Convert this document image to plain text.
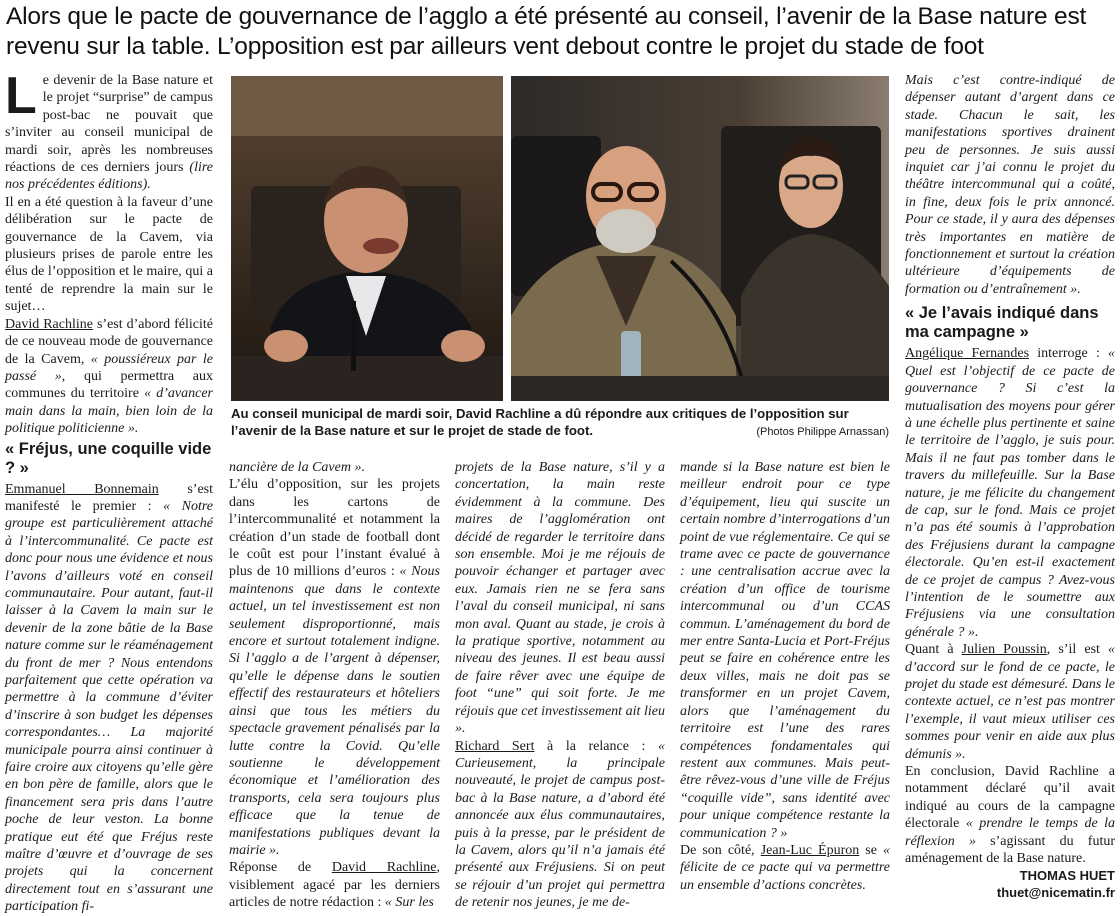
Alors que le pacte de gouvernance de l’agglo a été présenté au conseil, l’avenir de la Base nature est revenu sur la table. L’opposition est par ailleurs vent debout contre le projet du stade de foot

Le devenir de la Base nature et le projet “surprise” de campus post-bac ne pouvait que s’inviter au conseil municipal de mardi soir, après les nombreuses réactions de ces derniers jours (lire nos précédentes éditions).

Il en a été question à la faveur d’une délibération sur le pacte de gouvernance de la Cavem, via plusieurs prises de parole entre les élus de l’opposition et le maire, qui a tenté de reprendre la main sur le sujet…

David Rachline s’est d’abord félicité de ce nouveau mode de gouvernance de la Cavem, « poussiéreux par le passé », qui permettra aux communes du territoire « d’avancer main dans la main, bien loin de la politique politicienne ».

« Fréjus, une coquille vide ? »

Emmanuel Bonnemain s’est manifesté le premier : « Notre groupe est particulièrement attaché à l’intercommunalité. Ce pacte est donc pour nous une évidence et nous l’avons d’ailleurs voté en conseil communautaire. Pour autant, faut-il laisser à la Cavem la main sur le devenir de la zone bâtie de la Base nature comme sur le réaménagement du front de mer ? Nous entendons parfaitement que cette opération va permettre à la commune d’éviter d’inscrire à son budget les dépenses correspondantes… La majorité municipale pourra ainsi continuer à faire croire aux citoyens qu’elle gère en bon père de famille, alors que le financement sera pris dans l’autre poche de leur veston. La bonne pratique eut été que Fréjus reste maître d’œuvre et d’ouvrage de ses projets qui la concernent directement tout en s’assurant une participation fi-

Au conseil municipal de mardi soir, David Rachline a dû répondre aux critiques de l’opposition sur l’avenir de la Base nature et sur le projet de stade de foot.	(Photos Philippe Arnassan)

nancière de la Cavem ».

L’élu d’opposition, sur les projets dans les cartons de l’intercommunalité et notamment la création d’un stade de football dont le coût est pour l’instant évalué à plus de 10 millions d’euros : « Nous maintenons que dans le contexte actuel, un tel investissement est non seulement disproportionné, mais encore et surtout totalement indigne. Si l’agglo a de l’argent à dépenser, qu’elle le dépense dans le soutien effectif des restaurateurs et hôteliers ainsi que tous les métiers du spectacle gravement pénalisés par la lutte contre la Covid. Qu’elle soutienne le développement économique et l’amélioration des transports, cela sera toujours plus efficace que la tenue de manifestations publiques devant la mairie ».

Réponse de David Rachline, visiblement agacé par les derniers articles de notre rédaction : « Sur les

projets de la Base nature, s’il y a concertation, la main reste évidemment à la commune. Des maires de l’agglomération ont décidé de regarder le territoire dans son ensemble. Moi je me réjouis de pouvoir échanger et partager avec eux. Jamais rien ne se fera sans l’aval du conseil municipal, ni sans mon aval. Quant au stade, je crois à la pratique sportive, notamment au niveau des jeunes. Il est beau aussi de faire rêver avec une équipe de foot “une” qui soit forte. Je me réjouis que cet investissement ait lieu ».

Richard Sert à la relance : « Curieusement, la principale nouveauté, le projet de campus post-bac à la Base nature, a d’abord été annoncée aux élus communautaires, puis à la presse, par le président de la Cavem, alors qu’il n’a jamais été présenté aux Fréjusiens. Si on peut se réjouir d’un projet qui permettra de retenir nos jeunes, je me de-

mande si la Base nature est bien le meilleur endroit pour ce type d’équipement, lieu qui suscite un certain nombre d’interrogations d’un point de vue réglementaire. Ce qui se trame avec ce pacte de gouvernance : une centralisation accrue avec la création d’un office de tourisme intercommunal ou d’un CCAS commun. L’aménagement du bord de mer entre Santa-Lucia et Port-Fréjus peut se faire en cohérence entre les deux villes, mais ne doit pas se transformer en un projet Cavem, alors que l’aménagement du territoire est l’une des rares compétences fondamentales qui restent aux communes. Mais peut-être rêvez-vous d’une ville de Fréjus “coquille vide”, sans identité avec pour unique compétence restante la communication ? »

De son côté, Jean-Luc Épuron se « félicite de ce pacte qui va permettre un ensemble d’actions concrètes.

Mais c’est contre-indiqué de dépenser autant d’argent dans ce stade. Chacun le sait, les manifestations sportives drainent peu de personnes. Je suis aussi inquiet car j’ai connu le projet du théâtre intercommunal qui a coûté, in fine, deux fois le prix annoncé. Pour ce stade, il y aura des dépenses très importantes en matière de fonctionnement et surtout la création ultérieure d’équipements de formation ou d’entraînement ».

« Je l’avais indiqué dans ma campagne »

Angélique Fernandes interroge : « Quel est l’objectif de ce pacte de gouvernance ? Si c’est la mutualisation des moyens pour gérer à une échelle plus pertinente et saine le territoire de l’agglo, je suis pour. Mais il ne faut pas tomber dans le travers du millefeuille. Sur la Base nature, je me félicite du changement de cap, sur le fond. Mais ce projet n’a pas été soumis à l’approbation des Fréjusiens durant la campagne électorale. Qu’en est-il exactement de ce projet de campus ? Avez-vous l’intention de le soumettre aux Fréjusiens via une consultation générale ? ».

Quant à Julien Poussin, s’il est « d’accord sur le fond de ce pacte, le projet du stade est démesuré. Dans le contexte actuel, ce n’est pas montrer l’exemple, il vaut mieux utiliser ces sommes pour venir en aide aux plus démunis ».

En conclusion, David Rachline a notamment déclaré qu’il avait indiqué au cours de la campagne électorale « prendre le temps de la réflexion » s’agissant du futur aménagement de la Base nature.

THOMAS HUET
thuet@nicematin.fr
